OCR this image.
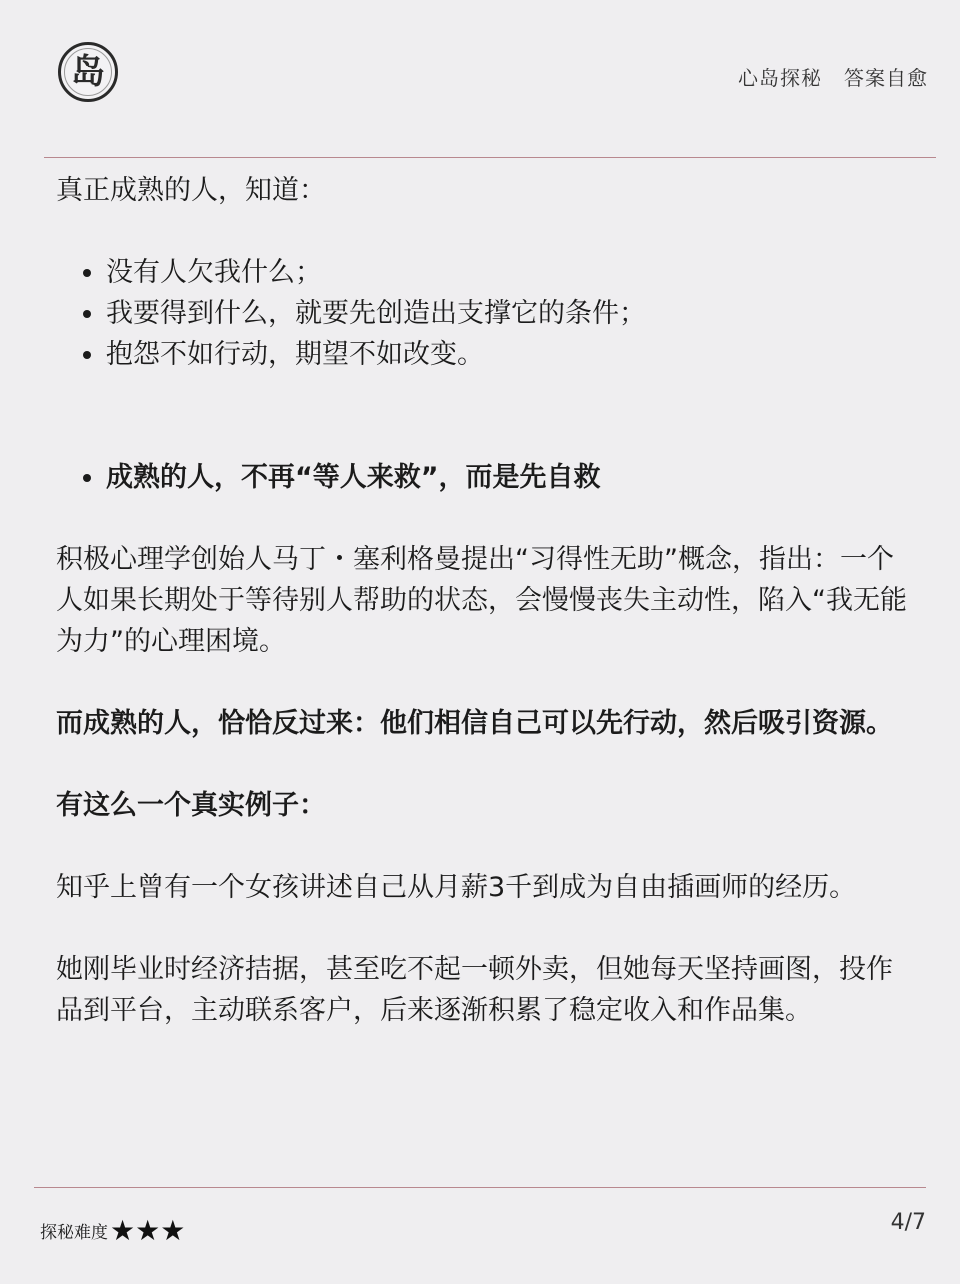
岛	心岛探秘 答案自愈

真正成熟的人，知道：

• 没有人欠我什么；
• 我要得到什么，就要先创造出支撑它的条件；
• 抱怨不如行动，期望不如改变。
• 成熟的人，不再“等人来救”，而是先自救

积极心理学创始人马丁・塞利格曼提出“习得性无助”概念，指出：一个人如果长期处于等待别人帮助的状态，会慢慢丧失主动性，陷入“我无能为力”的心理困境。

而成熟的人，恰恰反过来：他们相信自己可以先行动，然后吸引资源。

有这么一个真实例子：

知乎上曾有一个女孩讲述自己从月薪3千到成为自由插画师的经历。

她刚毕业时经济拮据，甚至吃不起一顿外卖，但她每天坚持画图，投作品到平台，主动联系客户，后来逐渐积累了稳定收入和作品集。

探秘难度 ★★★	4/7
